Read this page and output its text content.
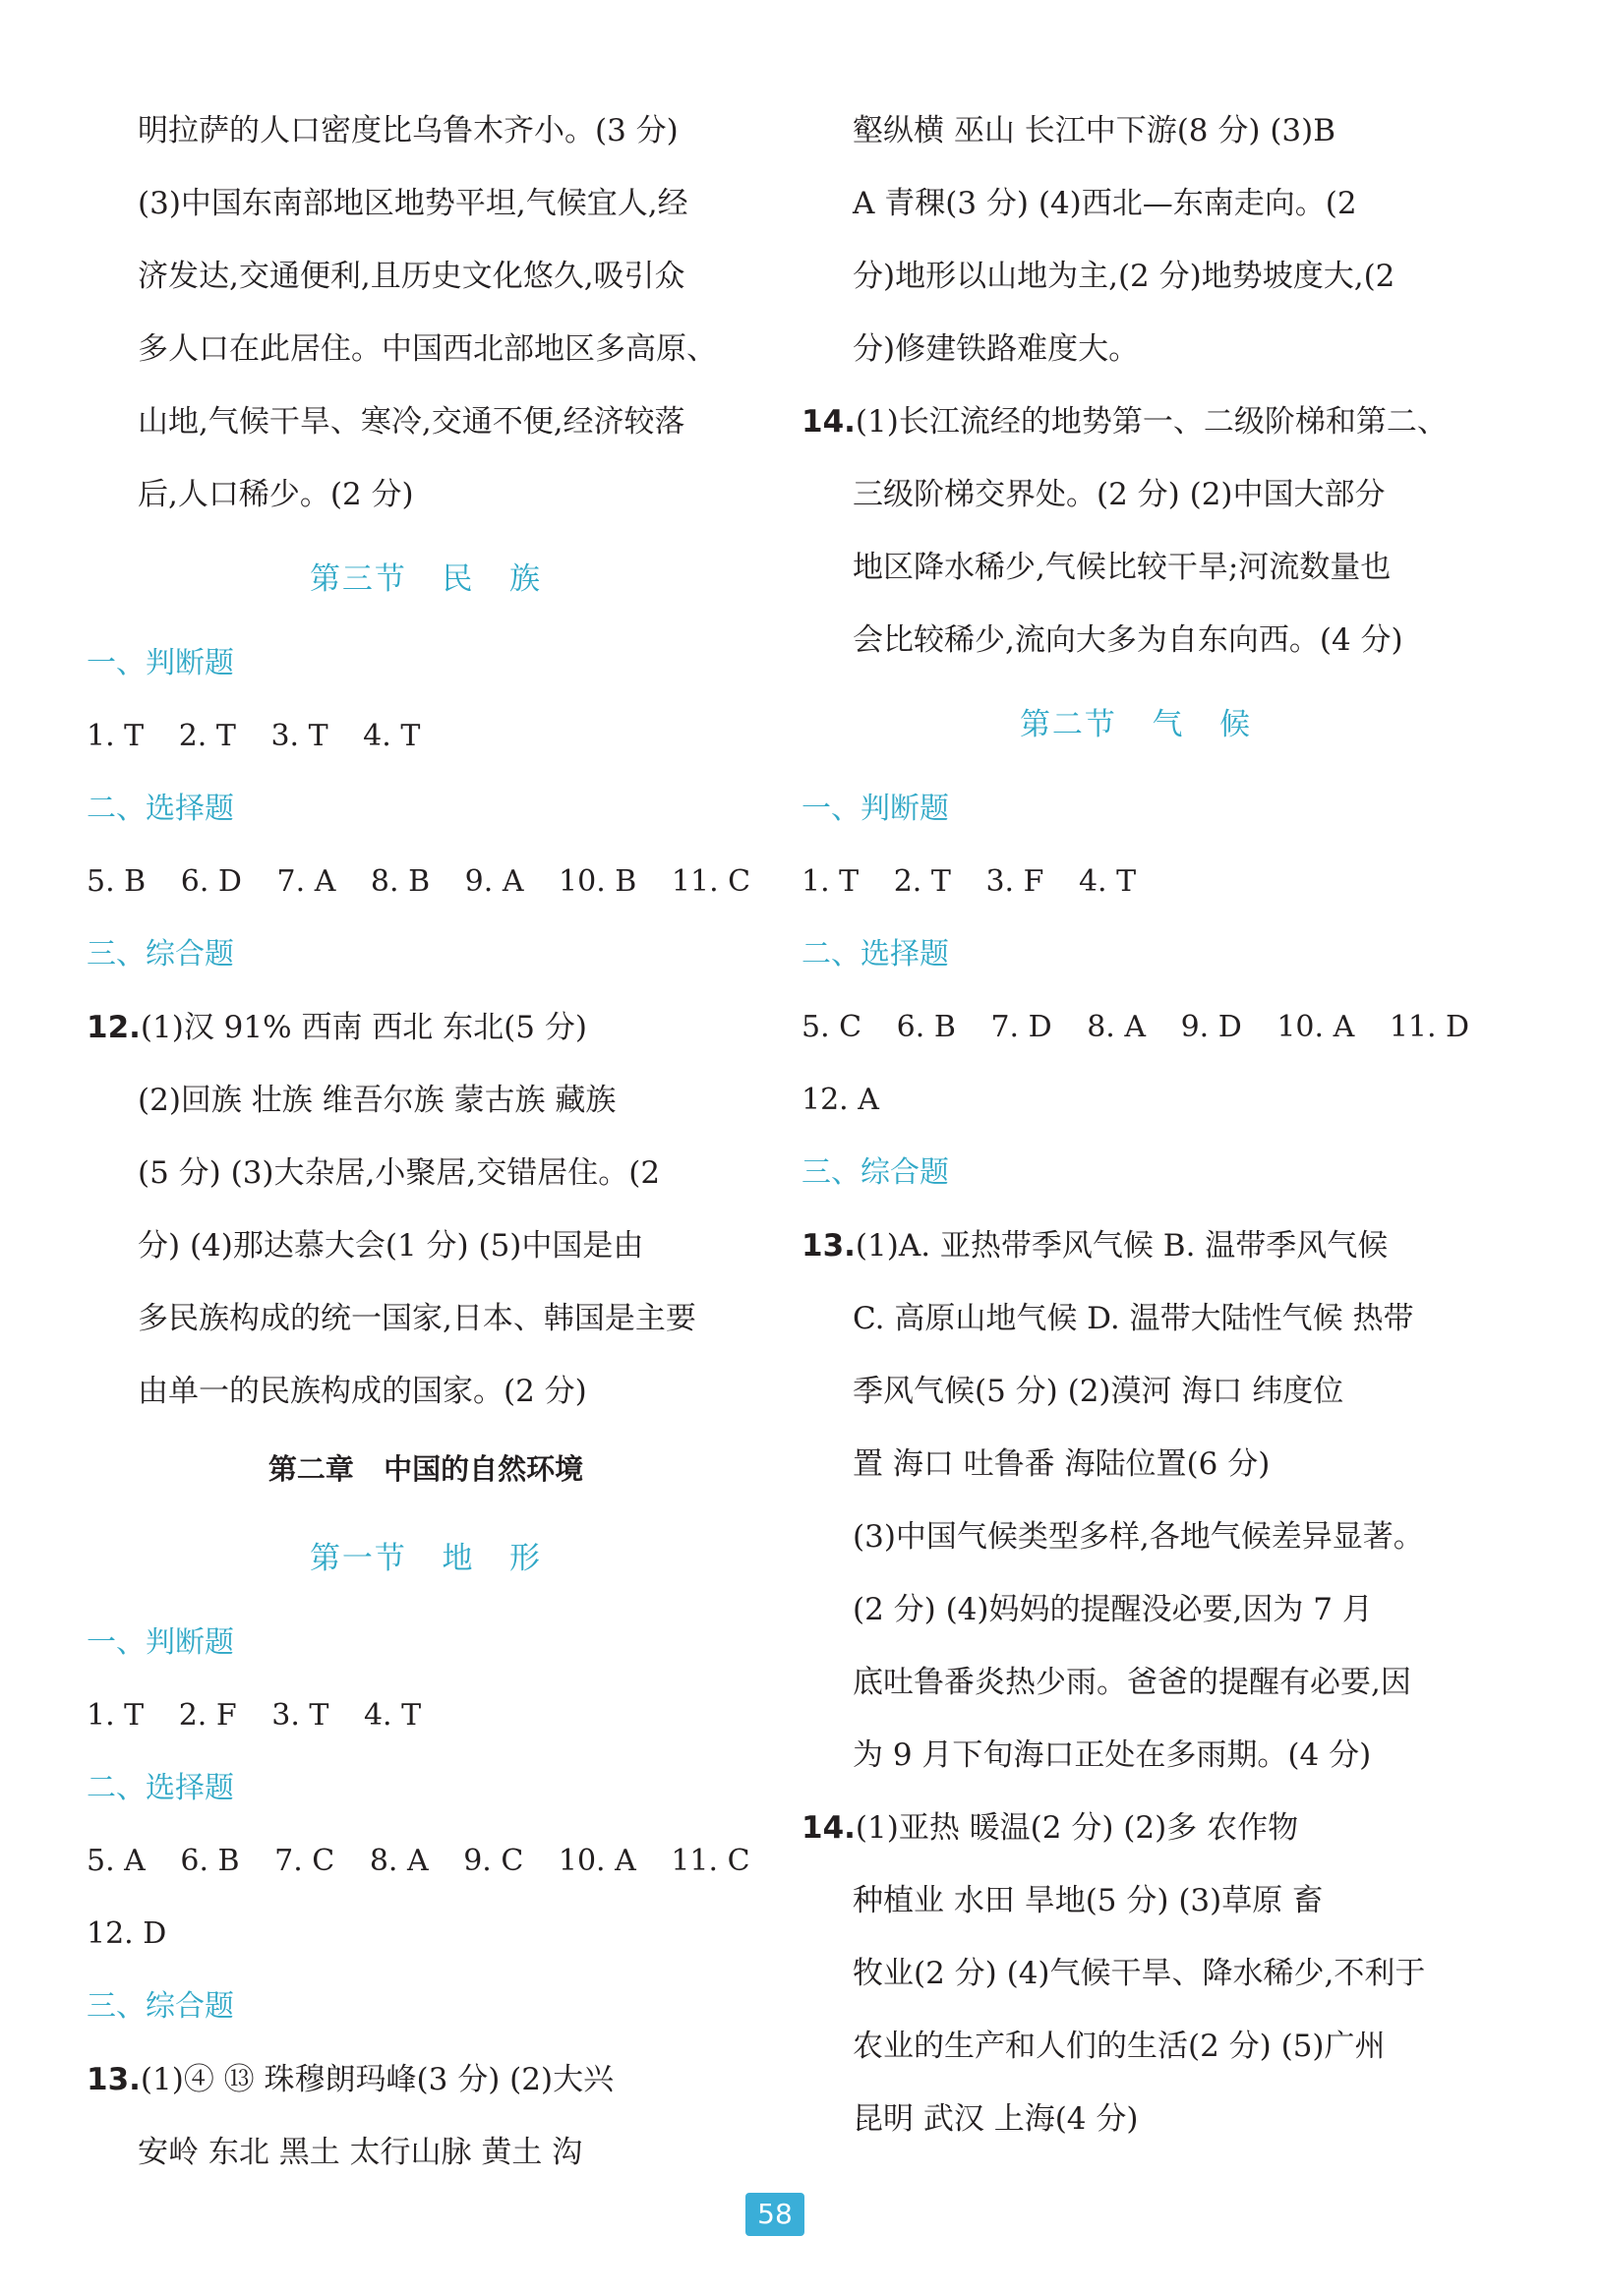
明拉萨的人口密度比乌鲁木齐小。(3 分)
(3)中国东南部地区地势平坦,气候宜人,经
济发达,交通便利,且历史文化悠久,吸引众
多人口在此居住。中国西北部地区多高原、
山地,气候干旱、寒冷,交通不便,经济较落
后,人口稀少。(2 分)
第三节   民   族
一、判断题
1. T 2. T 3. T 4. T
二、选择题
5. B 6. D 7. A 8. B 9. A 10. B 11. C
三、综合题
12.(1)汉 91% 西南 西北 东北(5 分)
(2)回族 壮族 维吾尔族 蒙古族 藏族
(5 分) (3)大杂居,小聚居,交错居住。(2
分) (4)那达慕大会(1 分) (5)中国是由
多民族构成的统一国家,日本、韩国是主要
由单一的民族构成的国家。(2 分)
第二章   中国的自然环境
第一节   地   形
一、判断题
1. T 2. F 3. T 4. T
二、选择题
5. A 6. B 7. C 8. A 9. C 10. A 11. C
12. D
三、综合题
13.(1)④ ⑬ 珠穆朗玛峰(3 分) (2)大兴
安岭 东北 黑土 太行山脉 黄土 沟
壑纵横 巫山 长江中下游(8 分) (3)B
A 青稞(3 分) (4)西北—东南走向。(2
分)地形以山地为主,(2 分)地势坡度大,(2
分)修建铁路难度大。
14.(1)长江流经的地势第一、二级阶梯和第二、
三级阶梯交界处。(2 分) (2)中国大部分
地区降水稀少,气候比较干旱;河流数量也
会比较稀少,流向大多为自东向西。(4 分)
第二节   气   候
一、判断题
1. T 2. T 3. F 4. T
二、选择题
5. C 6. B 7. D 8. A 9. D 10. A 11. D
12. A
三、综合题
13.(1)A. 亚热带季风气候 B. 温带季风气候
C. 高原山地气候 D. 温带大陆性气候 热带
季风气候(5 分) (2)漠河 海口 纬度位
置 海口 吐鲁番 海陆位置(6 分)
(3)中国气候类型多样,各地气候差异显著。
(2 分) (4)妈妈的提醒没必要,因为 7 月
底吐鲁番炎热少雨。爸爸的提醒有必要,因
为 9 月下旬海口正处在多雨期。(4 分)
14.(1)亚热 暖温(2 分) (2)多 农作物
种植业 水田 旱地(5 分) (3)草原 畜
牧业(2 分) (4)气候干旱、降水稀少,不利于
农业的生产和人们的生活(2 分) (5)广州
昆明 武汉 上海(4 分)
58
